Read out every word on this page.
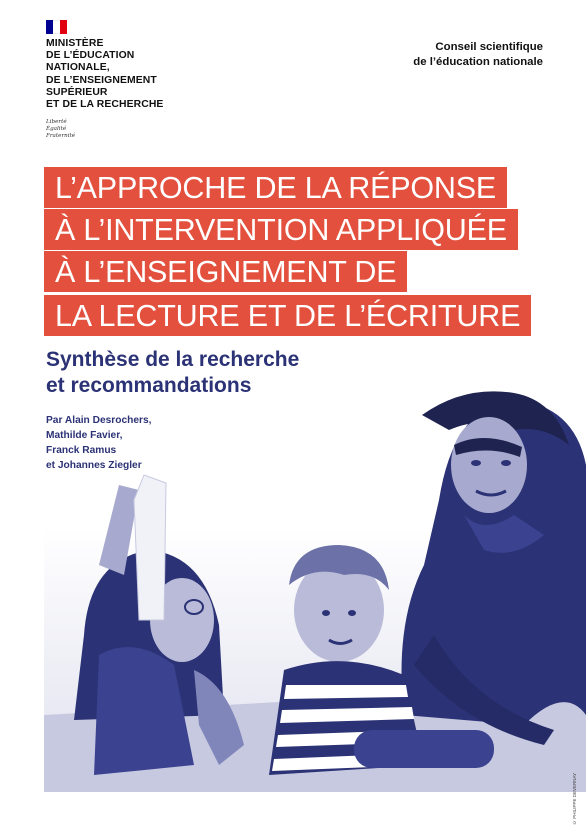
MINISTÈRE
DE L’ÉDUCATION
NATIONALE,
DE L’ENSEIGNEMENT
SUPÉRIEUR
ET DE LA RECHERCHE
Liberté
Égalité
Fraternité
Conseil scientifique
de l’éducation nationale
L’APPROCHE DE LA RÉPONSE
À L’INTERVENTION APPLIQUÉE
À L’ENSEIGNEMENT DE
LA LECTURE ET DE L’ÉCRITURE
Synthèse de la recherche
et recommandations
Par Alain Desrochers,
Mathilde Favier,
Franck Ramus
et Johannes Ziegler
© PHILIPPE DEVERNAY
